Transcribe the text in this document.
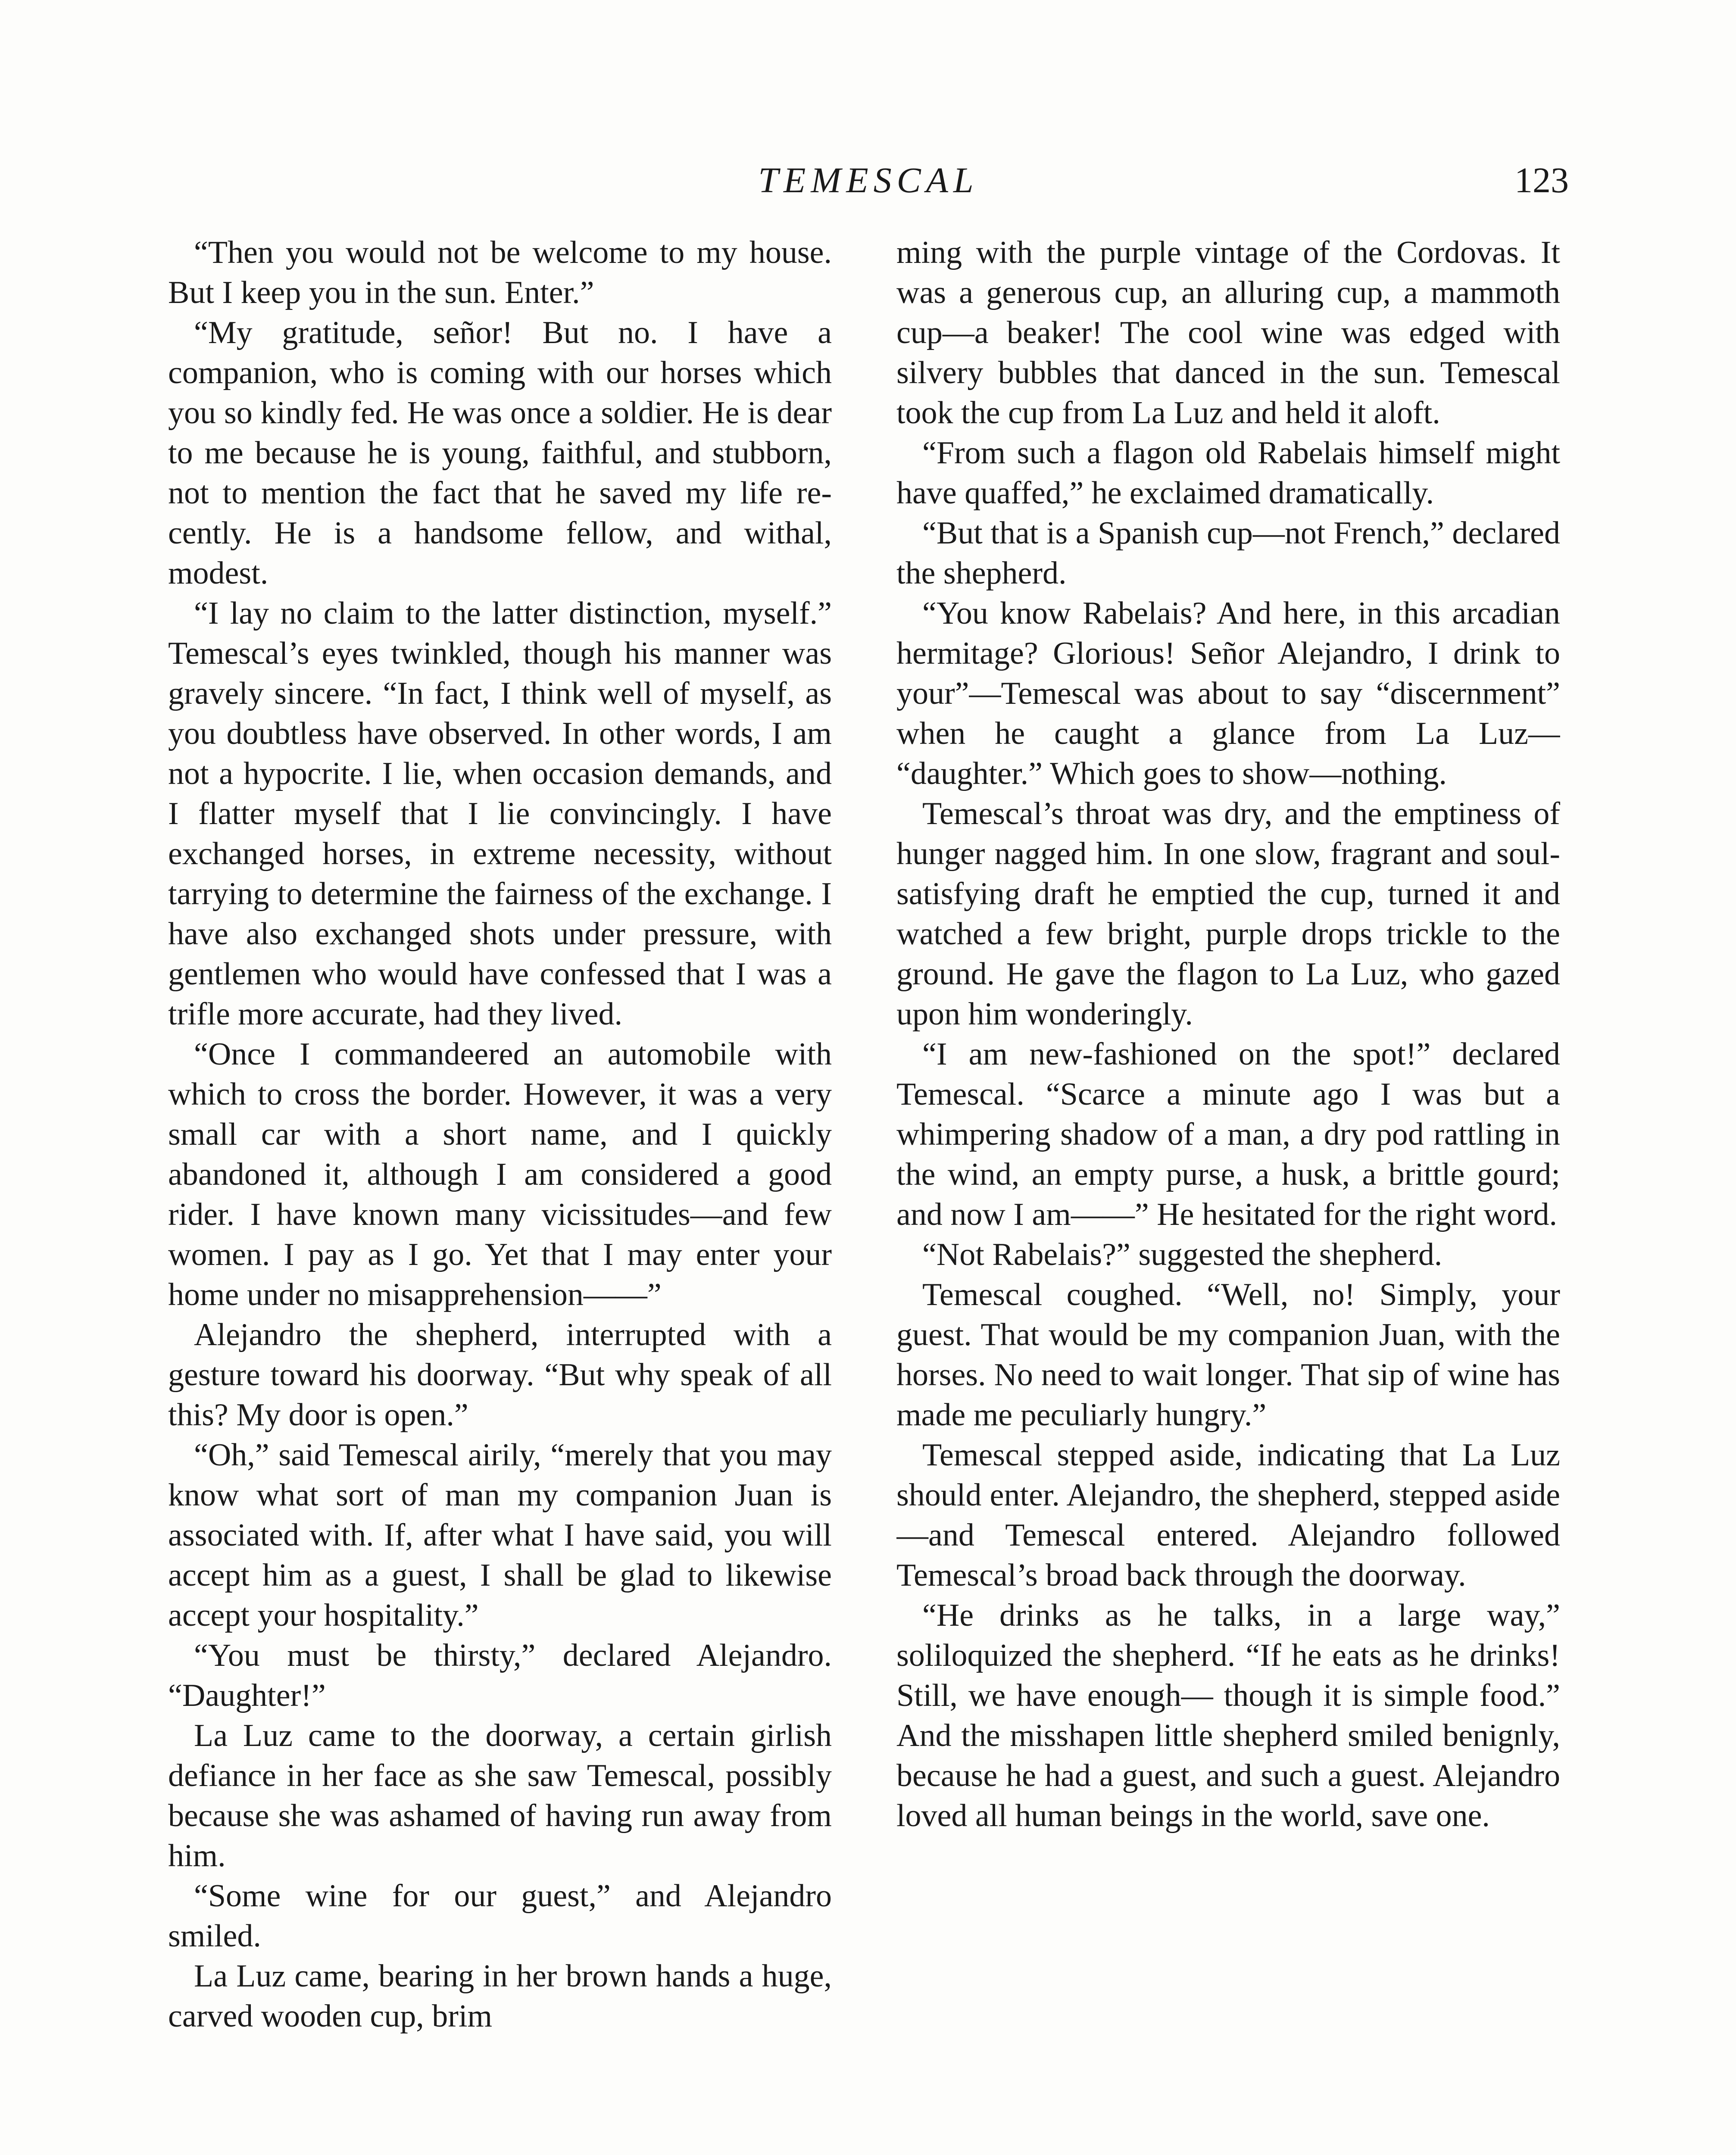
TEMESCAL	123

“Then you would not be welcome to my house. But I keep you in the sun. Enter.”

“My gratitude, señor! But no. I have a companion, who is coming with our horses which you so kindly fed. He was once a soldier. He is dear to me because he is young, faithful, and stubborn, not to mention the fact that he saved my life recently. He is a handsome fellow, and withal, modest.

“I lay no claim to the latter distinction, myself.” Temescal’s eyes twinkled, though his manner was gravely sincere. “In fact, I think well of myself, as you doubtless have observed. In other words, I am not a hypocrite. I lie, when occasion demands, and I flatter myself that I lie convincingly. I have exchanged horses, in extreme necessity, without tarrying to determine the fairness of the exchange. I have also exchanged shots under pressure, with gentlemen who would have confessed that I was a trifle more accurate, had they lived.

“Once I commandeered an automobile with which to cross the border. However, it was a very small car with a short name, and I quickly abandoned it, although I am considered a good rider. I have known many vicissitudes—and few women. I pay as I go. Yet that I may enter your home under no misapprehension——”

Alejandro the shepherd, interrupted with a gesture toward his doorway. “But why speak of all this? My door is open.”

“Oh,” said Temescal airily, “merely that you may know what sort of man my companion Juan is associated with. If, after what I have said, you will accept him as a guest, I shall be glad to likewise accept your hospitality.”

“You must be thirsty,” declared Alejandro. “Daughter!”

La Luz came to the doorway, a certain girlish defiance in her face as she saw Temescal, possibly because she was ashamed of having run away from him.

“Some wine for our guest,” and Alejandro smiled.

La Luz came, bearing in her brown hands a huge, carved wooden cup, brim

ming with the purple vintage of the Cordovas. It was a generous cup, an alluring cup, a mammoth cup—a beaker! The cool wine was edged with silvery bubbles that danced in the sun. Temescal took the cup from La Luz and held it aloft.

“From such a flagon old Rabelais himself might have quaffed,” he exclaimed dramatically.

“But that is a Spanish cup—not French,” declared the shepherd.

“You know Rabelais? And here, in this arcadian hermitage? Glorious! Señor Alejandro, I drink to your”—Temescal was about to say “discernment” when he caught a glance from La Luz— “daughter.” Which goes to show—nothing.

Temescal’s throat was dry, and the emptiness of hunger nagged him. In one slow, fragrant and soul-satisfying draft he emptied the cup, turned it and watched a few bright, purple drops trickle to the ground. He gave the flagon to La Luz, who gazed upon him wonderingly.

“I am new-fashioned on the spot!” declared Temescal. “Scarce a minute ago I was but a whimpering shadow of a man, a dry pod rattling in the wind, an empty purse, a husk, a brittle gourd; and now I am——” He hesitated for the right word.

“Not Rabelais?” suggested the shepherd.

Temescal coughed. “Well, no! Simply, your guest. That would be my companion Juan, with the horses. No need to wait longer. That sip of wine has made me peculiarly hungry.”

Temescal stepped aside, indicating that La Luz should enter. Alejandro, the shepherd, stepped aside—and Temescal entered. Alejandro followed Temescal’s broad back through the doorway.

“He drinks as he talks, in a large way,” soliloquized the shepherd. “If he eats as he drinks! Still, we have enough— though it is simple food.” And the misshapen little shepherd smiled benignly, because he had a guest, and such a guest. Alejandro loved all human beings in the world, save one.
